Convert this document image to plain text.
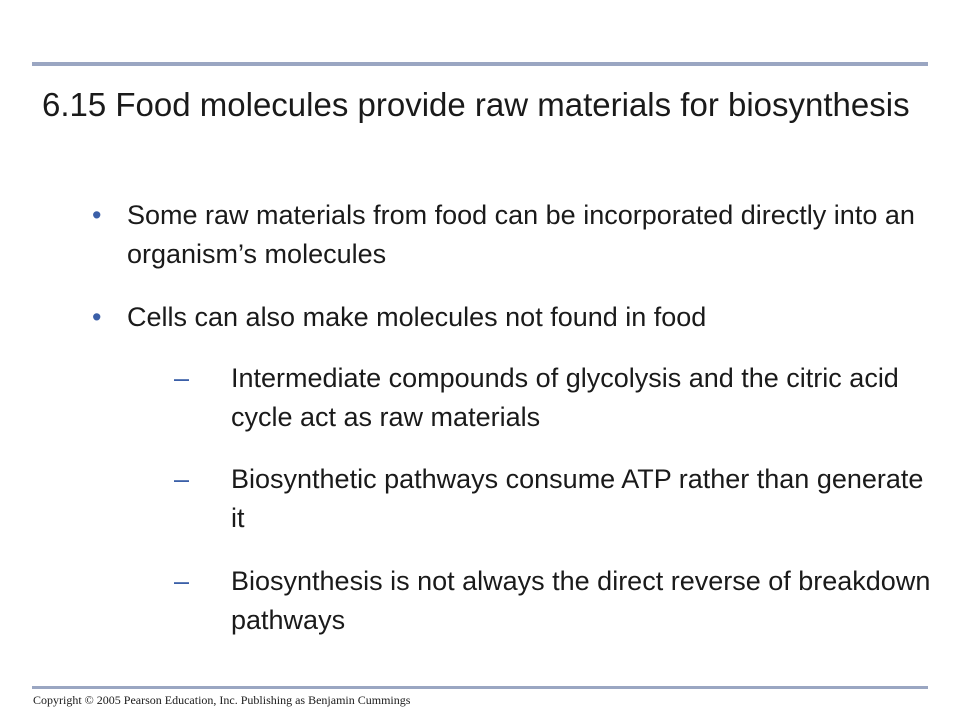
6.15 Food molecules provide raw materials for biosynthesis
• Some raw materials from food can be incorporated directly into an organism’s molecules
• Cells can also make molecules not found in food
– Intermediate compounds of glycolysis and the citric acid cycle act as raw materials
– Biosynthetic pathways consume ATP rather than generate it
– Biosynthesis is not always the direct reverse of breakdown pathways
Copyright © 2005 Pearson Education, Inc. Publishing as Benjamin Cummings
